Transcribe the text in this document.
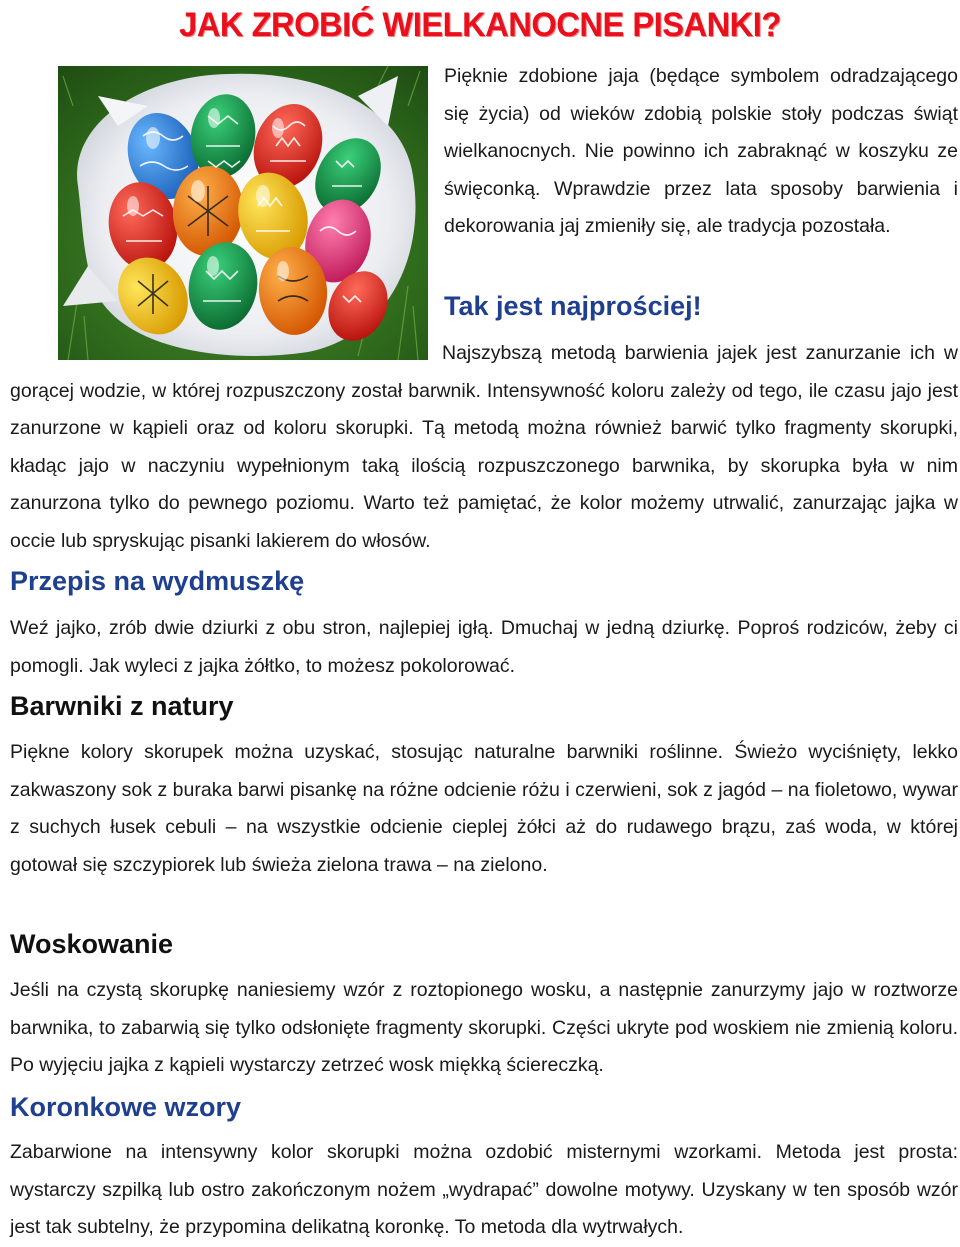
JAK ZROBIĆ WIELKANOCNE PISANKI?

Pięknie zdobione jaja (będące symbolem odradzającego się życia) od wieków zdobią polskie stoły podczas świąt wielkanocnych. Nie powinno ich zabraknąć w koszyku ze święconką. Wprawdzie przez lata sposoby barwienia i dekorowania jaj zmieniły się, ale tradycja pozostała.

Tak jest najprościej!

Najszybszą metodą barwienia jajek jest zanurzanie ich w gorącej wodzie, w której rozpuszczony został barwnik. Intensywność koloru zależy od tego, ile czasu jajo jest zanurzone w kąpieli oraz od koloru skorupki. Tą metodą można również barwić tylko fragmenty skorupki, kładąc jajo w naczyniu wypełnionym taką ilością rozpuszczonego barwnika, by skorupka była w nim zanurzona tylko do pewnego poziomu. Warto też pamiętać, że kolor możemy utrwalić, zanurzając jajka w occie lub spryskując pisanki lakierem do włosów.

Przepis na wydmuszkę

Weź jajko, zrób dwie dziurki z obu stron, najlepiej igłą. Dmuchaj w jedną dziurkę. Poproś rodziców, żeby ci pomogli. Jak wyleci z jajka żółtko, to możesz pokolorować.

Barwniki z natury

Piękne kolory skorupek można uzyskać, stosując naturalne barwniki roślinne. Świeżo wyciśnięty, lekko zakwaszony sok z buraka barwi pisankę na różne odcienie różu i czerwieni, sok z jagód – na fioletowo, wywar z suchych łusek cebuli – na wszystkie odcienie cieplej żółci aż do rudawego brązu, zaś woda, w której gotował się szczypiorek lub świeża zielona trawa – na zielono.

Woskowanie

Jeśli na czystą skorupkę naniesiemy wzór z roztopionego wosku, a następnie zanurzymy jajo w roztworze barwnika, to zabarwią się tylko odsłonięte fragmenty skorupki. Części ukryte pod woskiem nie zmienią koloru. Po wyjęciu jajka z kąpieli wystarczy zetrzeć wosk miękką ściereczką.

Koronkowe wzory

Zabarwione na intensywny kolor skorupki można ozdobić misternymi wzorkami. Metoda jest prosta: wystarczy szpilką lub ostro zakończonym nożem „wydrapać” dowolne motywy. Uzyskany w ten sposób wzór jest tak subtelny, że przypomina delikatną koronkę. To metoda dla wytrwałych.
